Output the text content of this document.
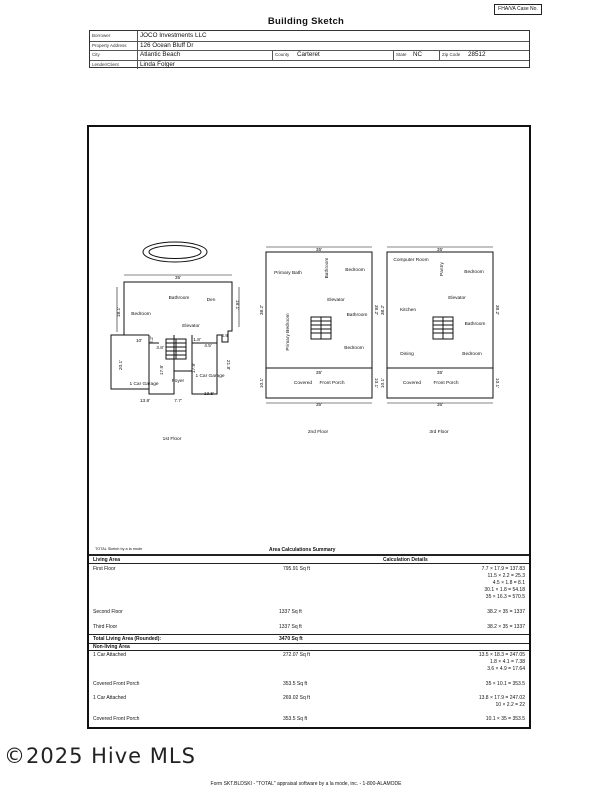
FHA/VA Case No.
Building Sketch
Borrower	JOCO Investments LLC
Property Address 126 Ocean Bluff Dr
City	Atlantic Beach	County Carteret	State NC	Zip Code 28512
Lender/Client	Linda Folger
35'
18.1'
18.1'
20.1'	21.8'
Bathroom	Den
Bedroom
Elevator
1 Car Garage
Foyer
1 Car Garage
10'
3.8'
1.8'
4.5'
2.2'	4.9'
17.9'	17.9'
13.8'	7.7'
13.5'
1st Floor
35'
38.2'	38.2'
35'
10.1'	10.1'
35'
Primary Bath	Bathroom	Bedroom
Elevator
Primary Bedroom	Bathroom
Bedroom
Covered Front Porch
2nd Floor
35'
38.2'	38.2'
35'
10.1'	10.1'
35'
Computer Room
Pantry	Bedroom
Elevator
Kitchen
Bathroom
Dining	Bedroom
Covered	Front Porch
3rd Floor
TOTAL Sketch by a la mode	Area Calculations Summary
Living Area	Calculation Details
First Floor	795.91 Sq ft	7.7 × 17.9 = 137.83
11.5 × 2.2 = 25.3
4.5 × 1.8 = 8.1
30.1 × 1.8 = 54.18
35 × 16.3 = 570.5
Second Floor	1337 Sq ft	38.2 × 35 = 1337
Third Floor	1337 Sq ft	38.2 × 35 = 1337
Total Living Area (Rounded):	3470 Sq ft
Non-living Area
1 Car Attached	272.07 Sq ft	13.5 × 18.3 = 247.05
1.8 × 4.1 = 7.38
3.6 × 4.9 = 17.64
Covered Front Porch	353.5 Sq ft	35 × 10.1 = 353.5
1 Car Attached	269.02 Sq ft	13.8 × 17.9 = 247.02
10 × 2.2 = 22
Covered Front Porch	353.5 Sq ft	10.1 × 35 = 353.5
©2025 Hive MLS
Form SKT.BLDSKI - "TOTAL" appraisal software by a la mode, inc. - 1-800-ALAMODE
